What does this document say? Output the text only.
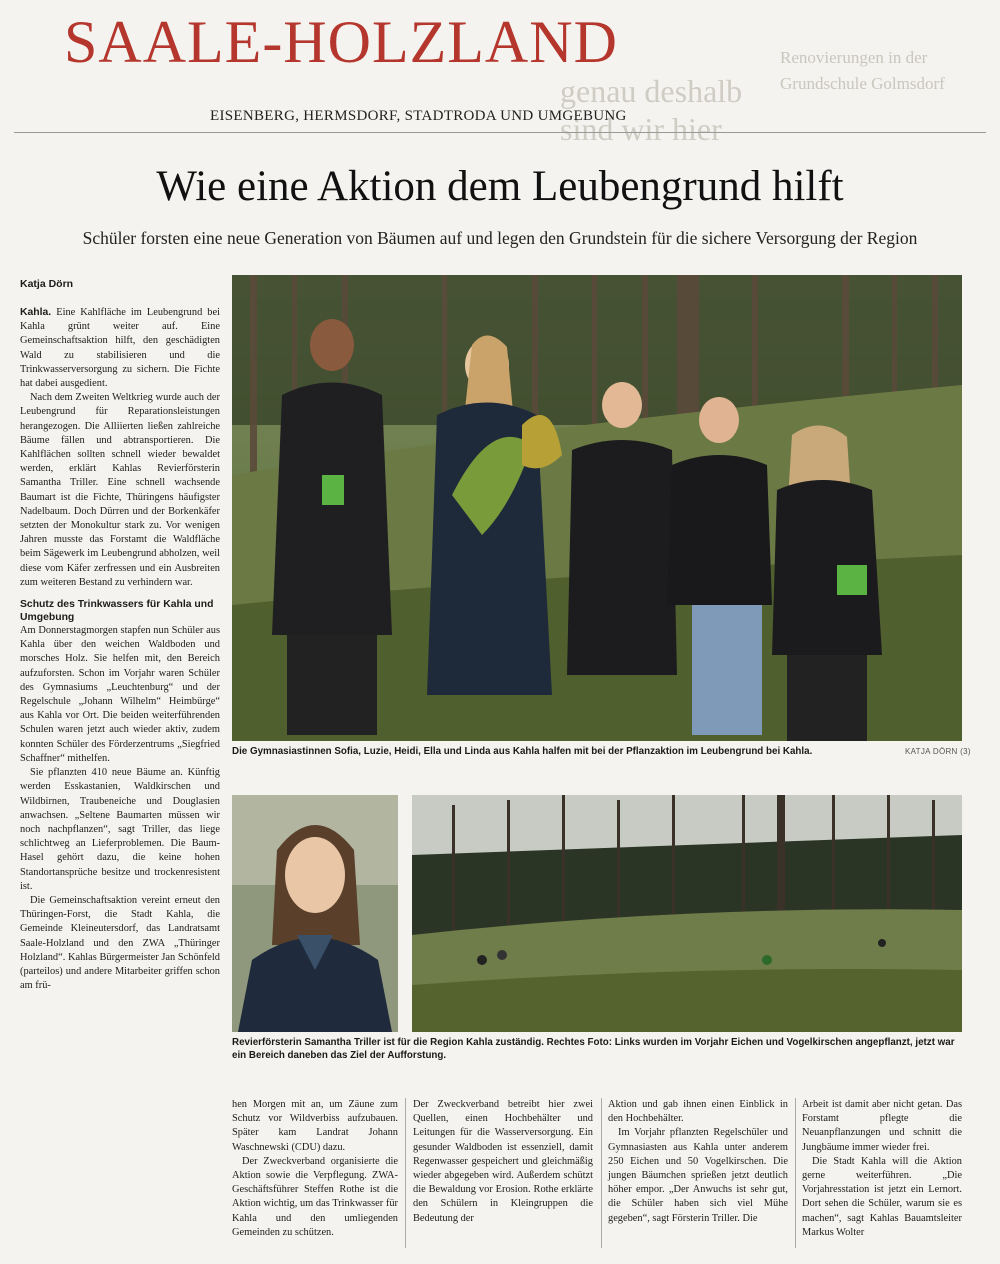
genau deshalb sind wir hier
Renovierungen in der Grundschule Golmsdorf
SAALE-HOLZLAND
EISENBERG, HERMSDORF, STADTRODA UND UMGEBUNG
Wie eine Aktion dem Leubengrund hilft
Schüler forsten eine neue Generation von Bäumen auf und legen den Grundstein für die sichere Versorgung der Region
Katja Dörn

Kahla. Eine Kahlfläche im Leubengrund bei Kahla grünt weiter auf. Eine Gemeinschaftsaktion hilft, den geschädigten Wald zu stabilisieren und die Trinkwasserversorgung zu sichern. Die Fichte hat dabei ausgedient.

Nach dem Zweiten Weltkrieg wurde auch der Leubengrund für Reparationsleistungen herangezogen. Die Alliierten ließen zahlreiche Bäume fällen und abtransportieren. Die Kahlflächen sollten schnell wieder bewaldet werden, erklärt Kahlas Revierförsterin Samantha Triller. Eine schnell wachsende Baumart ist die Fichte, Thüringens häufigster Nadelbaum. Doch Dürren und der Borkenkäfer setzten der Monokultur stark zu. Vor wenigen Jahren musste das Forstamt die Waldfläche beim Sägewerk im Leubengrund abholzen, weil diese vom Käfer zerfressen und ein Ausbreiten zum weiteren Bestand zu verhindern war.

Schutz des Trinkwassers für Kahla und Umgebung

Am Donnerstagmorgen stapfen nun Schüler aus Kahla über den weichen Waldboden und morsches Holz. Sie helfen mit, den Bereich aufzuforsten. Schon im Vorjahr waren Schüler des Gymnasiums „Leuchtenburg“ und der Regelschule „Johann Wilhelm“ Heimbürge“ aus Kahla vor Ort. Die beiden weiterführenden Schulen waren jetzt auch wieder aktiv, zudem konnten Schüler des Förderzentrums „Siegfried Schaffner“ mithelfen.

Sie pflanzten 410 neue Bäume an. Künftig werden Esskastanien, Waldkirschen und Wildbirnen, Traubeneiche und Douglasien anwachsen. „Seltene Baumarten müssen wir noch nachpflanzen“, sagt Triller, das liege schlichtweg an Lieferproblemen. Die Baum-Hasel gehört dazu, die keine hohen Standortansprüche besitze und trockenresistent ist.

Die Gemeinschaftsaktion vereint erneut den Thüringen-Forst, die Stadt Kahla, die Gemeinde Kleineutersdorf, das Landratsamt Saale-Holzland und den ZWA „Thüringer Holzland“. Kahlas Bürgermeister Jan Schönfeld (parteilos) und andere Mitarbeiter griffen schon am frü-

Die Gymnasiastinnen Sofia, Luzie, Heidi, Ella und Linda aus Kahla halfen mit bei der Pflanzaktion im Leubengrund bei Kahla.	KATJA DÖRN (3)
Revierförsterin Samantha Triller ist für die Region Kahla zuständig. Rechtes Foto: Links wurden im Vorjahr Eichen und Vogelkirschen angepflanzt, jetzt war ein Bereich daneben das Ziel der Aufforstung.

hen Morgen mit an, um Zäune zum Schutz vor Wildverbiss aufzubauen. Später kam Landrat Johann Waschnewski (CDU) dazu.

Der Zweckverband organisierte die Aktion sowie die Verpflegung. ZWA-Geschäftsführer Steffen Rothe ist die Aktion wichtig, um das Trinkwasser für Kahla und den umliegenden Gemeinden zu schützen.

Der Zweckverband betreibt hier zwei Quellen, einen Hochbehälter und Leitungen für die Wasserversorgung. Ein gesunder Waldboden ist essenziell, damit Regenwasser gespeichert und gleichmäßig wieder abgegeben wird. Außerdem schützt die Bewaldung vor Erosion. Rothe erklärte den Schülern in Kleingruppen die Bedeutung der

Aktion und gab ihnen einen Einblick in den Hochbehälter.

Im Vorjahr pflanzten Regelschüler und Gymnasiasten aus Kahla unter anderem 250 Eichen und 50 Vogelkirschen. Die jungen Bäumchen sprießen jetzt deutlich höher empor. „Der Anwuchs ist sehr gut, die Schüler haben sich viel Mühe gegeben“, sagt Försterin Triller. Die

Arbeit ist damit aber nicht getan. Das Forstamt pflegte die Neuanpflanzungen und schnitt die Jungbäume immer wieder frei.

Die Stadt Kahla will die Aktion gerne weiterführen. „Die Vorjahresstation ist jetzt ein Lernort. Dort sehen die Schüler, warum sie es machen“, sagt Kahlas Bauamtsleiter Markus Wolter
